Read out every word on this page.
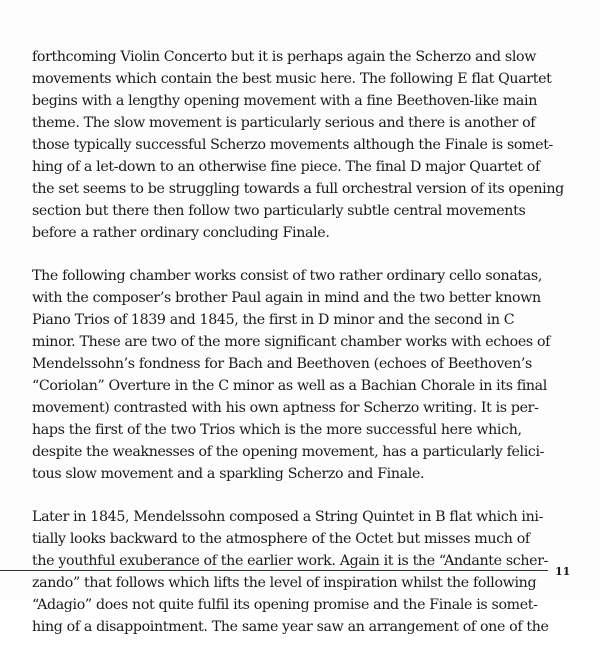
forthcoming Violin Concerto but it is perhaps again the Scherzo and slow
movements which contain the best music here. The following E flat Quartet
begins with a lengthy opening movement with a fine Beethoven-like main
theme. The slow movement is particularly serious and there is another of
those typically successful Scherzo movements although the Finale is somet-
hing of a let-down to an otherwise fine piece. The final D major Quartet of
the set seems to be struggling towards a full orchestral version of its opening
section but there then follow two particularly subtle central movements
before a rather ordinary concluding Finale.
The following chamber works consist of two rather ordinary cello sonatas,
with the composer’s brother Paul again in mind and the two better known
Piano Trios of 1839 and 1845, the first in D minor and the second in C
minor. These are two of the more significant chamber works with echoes of
Mendelssohn’s fondness for Bach and Beethoven (echoes of Beethoven’s
“Coriolan” Overture in the C minor as well as a Bachian Chorale in its final
movement) contrasted with his own aptness for Scherzo writing. It is per-
haps the first of the two Trios which is the more successful here which,
despite the weaknesses of the opening movement, has a particularly felici-
tous slow movement and a sparkling Scherzo and Finale.
Later in 1845, Mendelssohn composed a String Quintet in B flat which ini-
tially looks backward to the atmosphere of the Octet but misses much of
the youthful exuberance of the earlier work. Again it is the “Andante scher-
zando” that follows which lifts the level of inspiration whilst the following
“Adagio” does not quite fulfil its opening promise and the Finale is somet-
hing of a disappointment. The same year saw an arrangement of one of the
11
